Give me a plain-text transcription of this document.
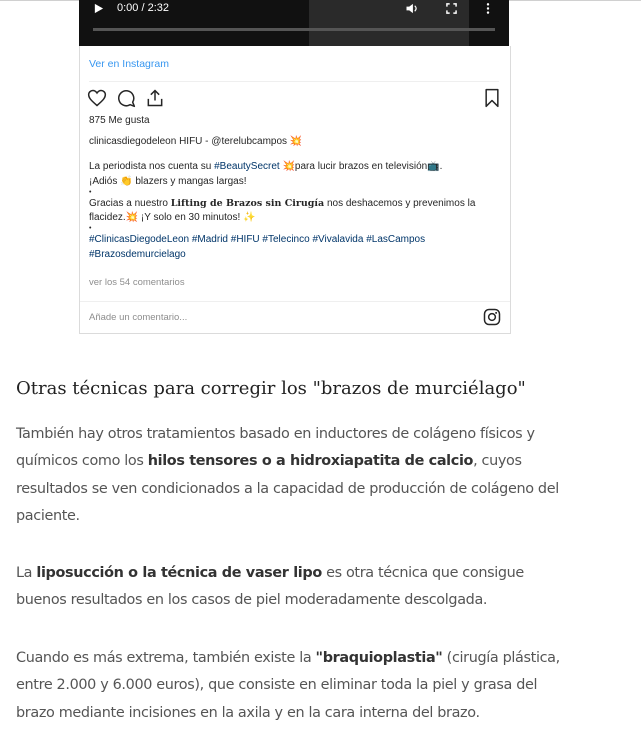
0:00 / 2:32
Ver en Instagram
875 Me gusta

clinicasdiegodeleon HIFU - @terelubcampos 💥

La periodista nos cuenta su #BeautySecret 💥para lucir brazos en televisión📺.

¡Adiós 👏 blazers y mangas largas!

•

Gracias a nuestro Lifting de Brazos sin Cirugía nos deshacemos y prevenimos la

flacidez.💥 ¡Y solo en 30 minutos! ✨

•

#ClinicasDiegodeLeon #Madrid #HIFU #Telecinco #Vivalavida #LasCampos

#Brazosdemurcielago

ver los 54 comentarios
Añade un comentario...
Otras técnicas para corregir los "brazos de murciélago"
También hay otros tratamientos basado en inductores de colágeno físicos y químicos como los hilos tensores o a hidroxiapatita de calcio, cuyos resultados se ven condicionados a la capacidad de producción de colágeno del paciente.
La liposucción o la técnica de vaser lipo es otra técnica que consigue buenos resultados en los casos de piel moderadamente descolgada.
Cuando es más extrema, también existe la "braquioplastia" (cirugía plástica, entre 2.000 y 6.000 euros), que consiste en eliminar toda la piel y grasa del brazo mediante incisiones en la axila y en la cara interna del brazo.
